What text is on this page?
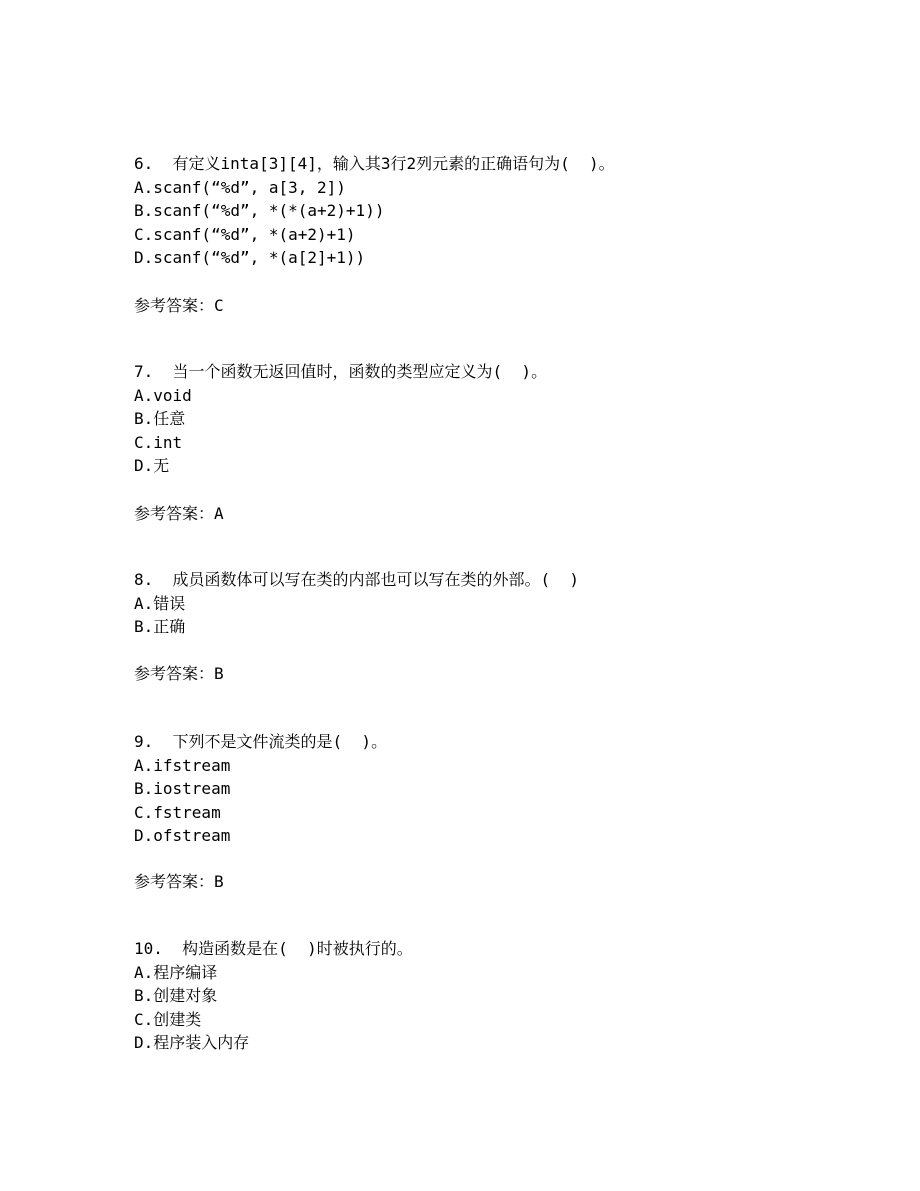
6.  有定义inta[3][4]，输入其3行2列元素的正确语句为(  )。
A.scanf(“%d”, a[3, 2])
B.scanf(“%d”, *(*(a+2)+1))
C.scanf(“%d”, *(a+2)+1)
D.scanf(“%d”, *(a[2]+1))
参考答案：C
7.  当一个函数无返回值时，函数的类型应定义为(  )。
A.void
B.任意
C.int
D.无
参考答案：A
8.  成员函数体可以写在类的内部也可以写在类的外部。(  )
A.错误
B.正确
参考答案：B
9.  下列不是文件流类的是(  )。
A.ifstream
B.iostream
C.fstream
D.ofstream
参考答案：B
10.  构造函数是在(  )时被执行的。
A.程序编译
B.创建对象
C.创建类
D.程序装入内存
